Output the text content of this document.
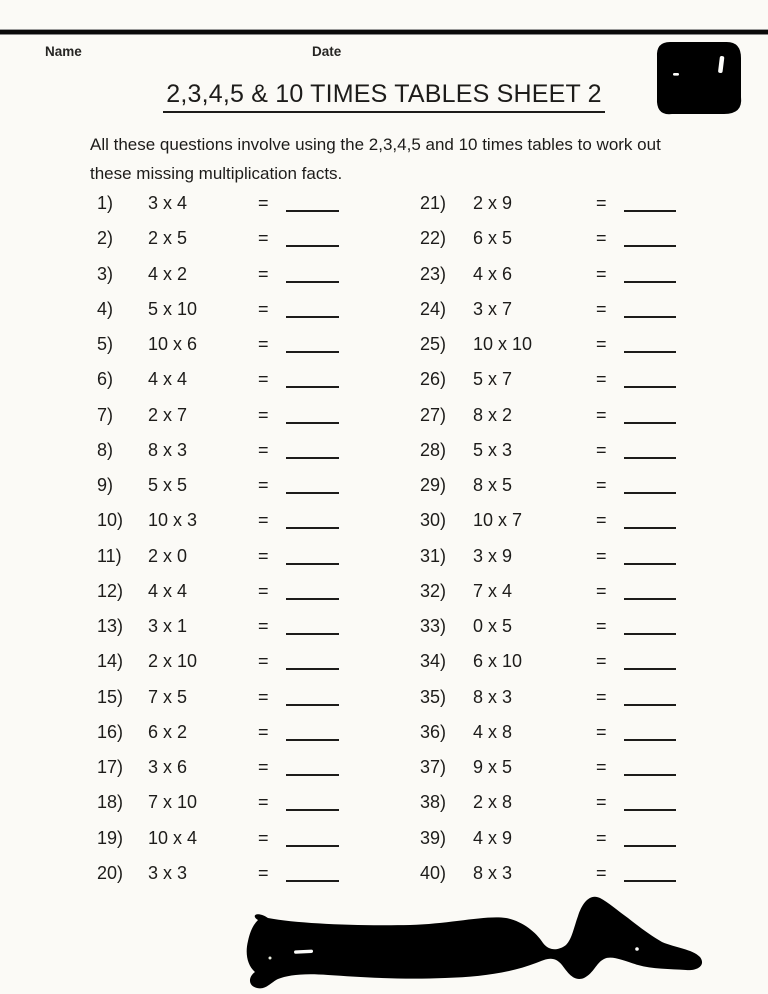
Name	Date
2,3,4,5 & 10 TIMES TABLES SHEET 2
All these questions involve using the 2,3,4,5 and 10 times tables to work out
these missing multiplication facts.
1) 3 x 4	=
2) 2 x 5	=
3) 4 x 2	=
4) 5 x 10	=
5) 10 x 6	=
6) 4 x 4	=
7) 2 x 7	=
8) 8 x 3	=
9) 5 x 5	=
10) 10 x 3	=
11) 2 x 0	=
12) 4 x 4	=
13) 3 x 1	=
14) 2 x 10	=
15) 7 x 5	=
16) 6 x 2	=
17) 3 x 6	=
18) 7 x 10	=
19) 10 x 4	=
20) 3 x 3	=
21) 2 x 9	=
22) 6 x 5	=
23) 4 x 6	=
24) 3 x 7	=
25) 10 x 10	=
26) 5 x 7	=
27) 8 x 2	=
28) 5 x 3	=
29) 8 x 5	=
30) 10 x 7	=
31) 3 x 9	=
32) 7 x 4	=
33) 0 x 5	=
34) 6 x 10	=
35) 8 x 3	=
36) 4 x 8	=
37) 9 x 5	=
38) 2 x 8	=
39) 4 x 9	=
40) 8 x 3	=
